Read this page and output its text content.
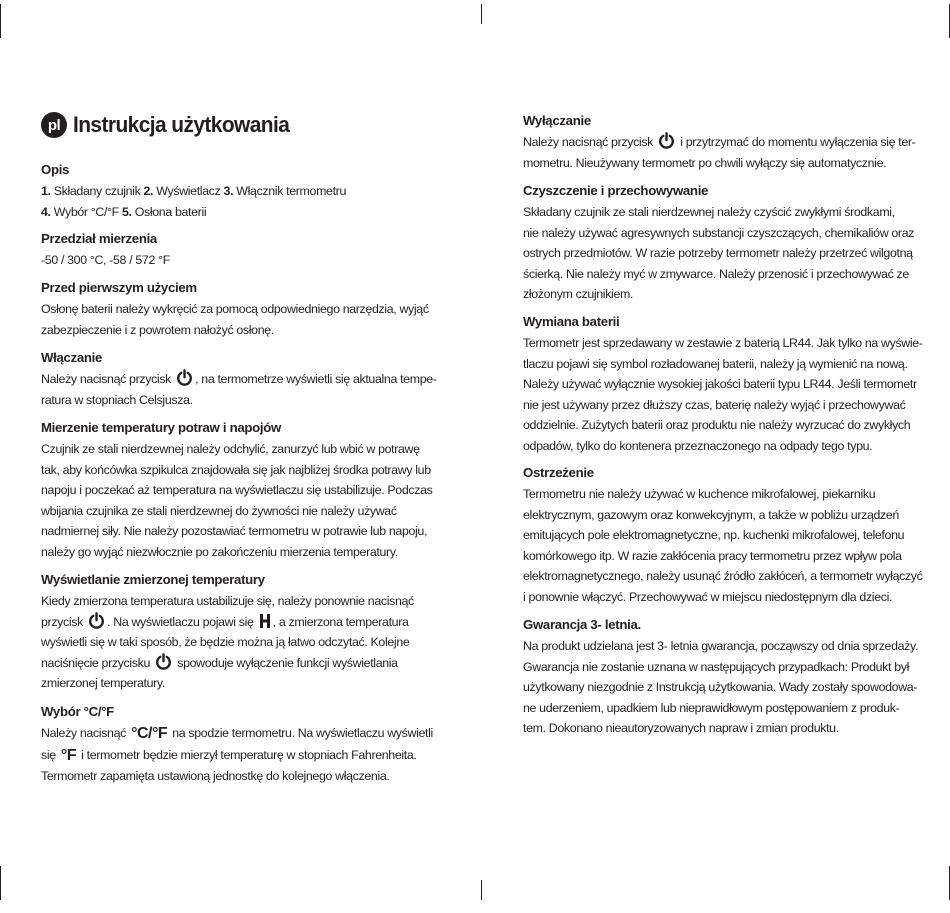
pl Instrukcja użytkowania
Opis

1. Składany czujnik 2. Wyświetlacz 3. Włącznik termometru
4. Wybór °C/°F 5. Osłona baterii

Przedział mierzenia

-50 / 300 °C, -58 / 572 °F

Przed pierwszym użyciem

Osłonę baterii należy wykręcić za pomocą odpowiedniego narzędzia, wyjąć
zabezpieczenie i z powrotem nałożyć osłonę.

Włączanie

Należy nacisnąć przycisk , na termometrze wyświetli się aktualna tempe-
ratura w stopniach Celsjusza.

Mierzenie temperatury potraw i napojów

Czujnik ze stali nierdzewnej należy odchylić, zanurzyć lub wbić w potrawę
tak, aby końcówka szpikulca znajdowała się jak najbliżej środka potrawy lub
napoju i poczekać aż temperatura na wyświetlaczu się ustabilizuje. Podczas
wbijania czujnika ze stali nierdzewnej do żywności nie należy używać
nadmiernej siły. Nie należy pozostawiać termometru w potrawie lub napoju,
należy go wyjąć niezwłocznie po zakończeniu mierzenia temperatury.

Wyświetlanie zmierzonej temperatury

Kiedy zmierzona temperatura ustabilizuje się, należy ponownie nacisnąć
przycisk . Na wyświetlaczu pojawi się , a zmierzona temperatura
wyświetli się w taki sposób, że będzie można ją łatwo odczytać. Kolejne
naciśnięcie przycisku  spowoduje wyłączenie funkcji wyświetlania
zmierzonej temperatury.

Wybór °C/°F

Należy nacisnąć °C/°F na spodzie termometru. Na wyświetlaczu wyświetli
się °F i termometr będzie mierzył temperaturę w stopniach Fahrenheita.
Termometr zapamięta ustawioną jednostkę do kolejnego włączenia.

Wyłączanie

Należy nacisnąć przycisk  i przytrzymać do momentu wyłączenia się ter-
mometru. Nieużywany termometr po chwili wyłączy się automatycznie.

Czyszczenie i przechowywanie

Składany czujnik ze stali nierdzewnej należy czyścić zwykłymi środkami,
nie należy używać agresywnych substancji czyszczących, chemikaliów oraz
ostrych przedmiotów. W razie potrzeby termometr należy przetrzeć wilgotną
ścierką. Nie należy myć w zmywarce. Należy przenosić i przechowywać ze
złożonym czujnikiem.

Wymiana baterii

Termometr jest sprzedawany w zestawie z baterią LR44. Jak tylko na wyświe-
tlaczu pojawi się symbol rozładowanej baterii, należy ją wymienić na nową.
Należy używać wyłącznie wysokiej jakości baterii typu LR44. Jeśli termometr
nie jest używany przez dłuższy czas, baterię należy wyjąć i przechowywać
oddzielnie. Zużytych baterii oraz produktu nie należy wyrzucać do zwykłych
odpadów, tylko do kontenera przeznaczonego na odpady tego typu.

Ostrzeżenie

Termometru nie należy używać w kuchence mikrofalowej, piekarniku
elektrycznym, gazowym oraz konwekcyjnym, a także w pobliżu urządzeń
emitujących pole elektromagnetyczne, np. kuchenki mikrofalowej, telefonu
komórkowego itp. W razie zakłócenia pracy termometru przez wpływ pola
elektromagnetycznego, należy usunąć źródło zakłóceń, a termometr wyłączyć
i ponownie włączyć. Przechowywać w miejscu niedostępnym dla dzieci.

Gwarancja 3- letnia.

Na produkt udzielana jest 3- letnia gwarancja, począwszy od dnia sprzedaży.
Gwarancja nie zostanie uznana w następujących przypadkach: Produkt był
użytkowany niezgodnie z Instrukcją użytkowania. Wady zostały spowodowa-
ne uderzeniem, upadkiem lub nieprawidłowym postępowaniem z produk-
tem. Dokonano nieautoryzowanych napraw i zmian produktu.
